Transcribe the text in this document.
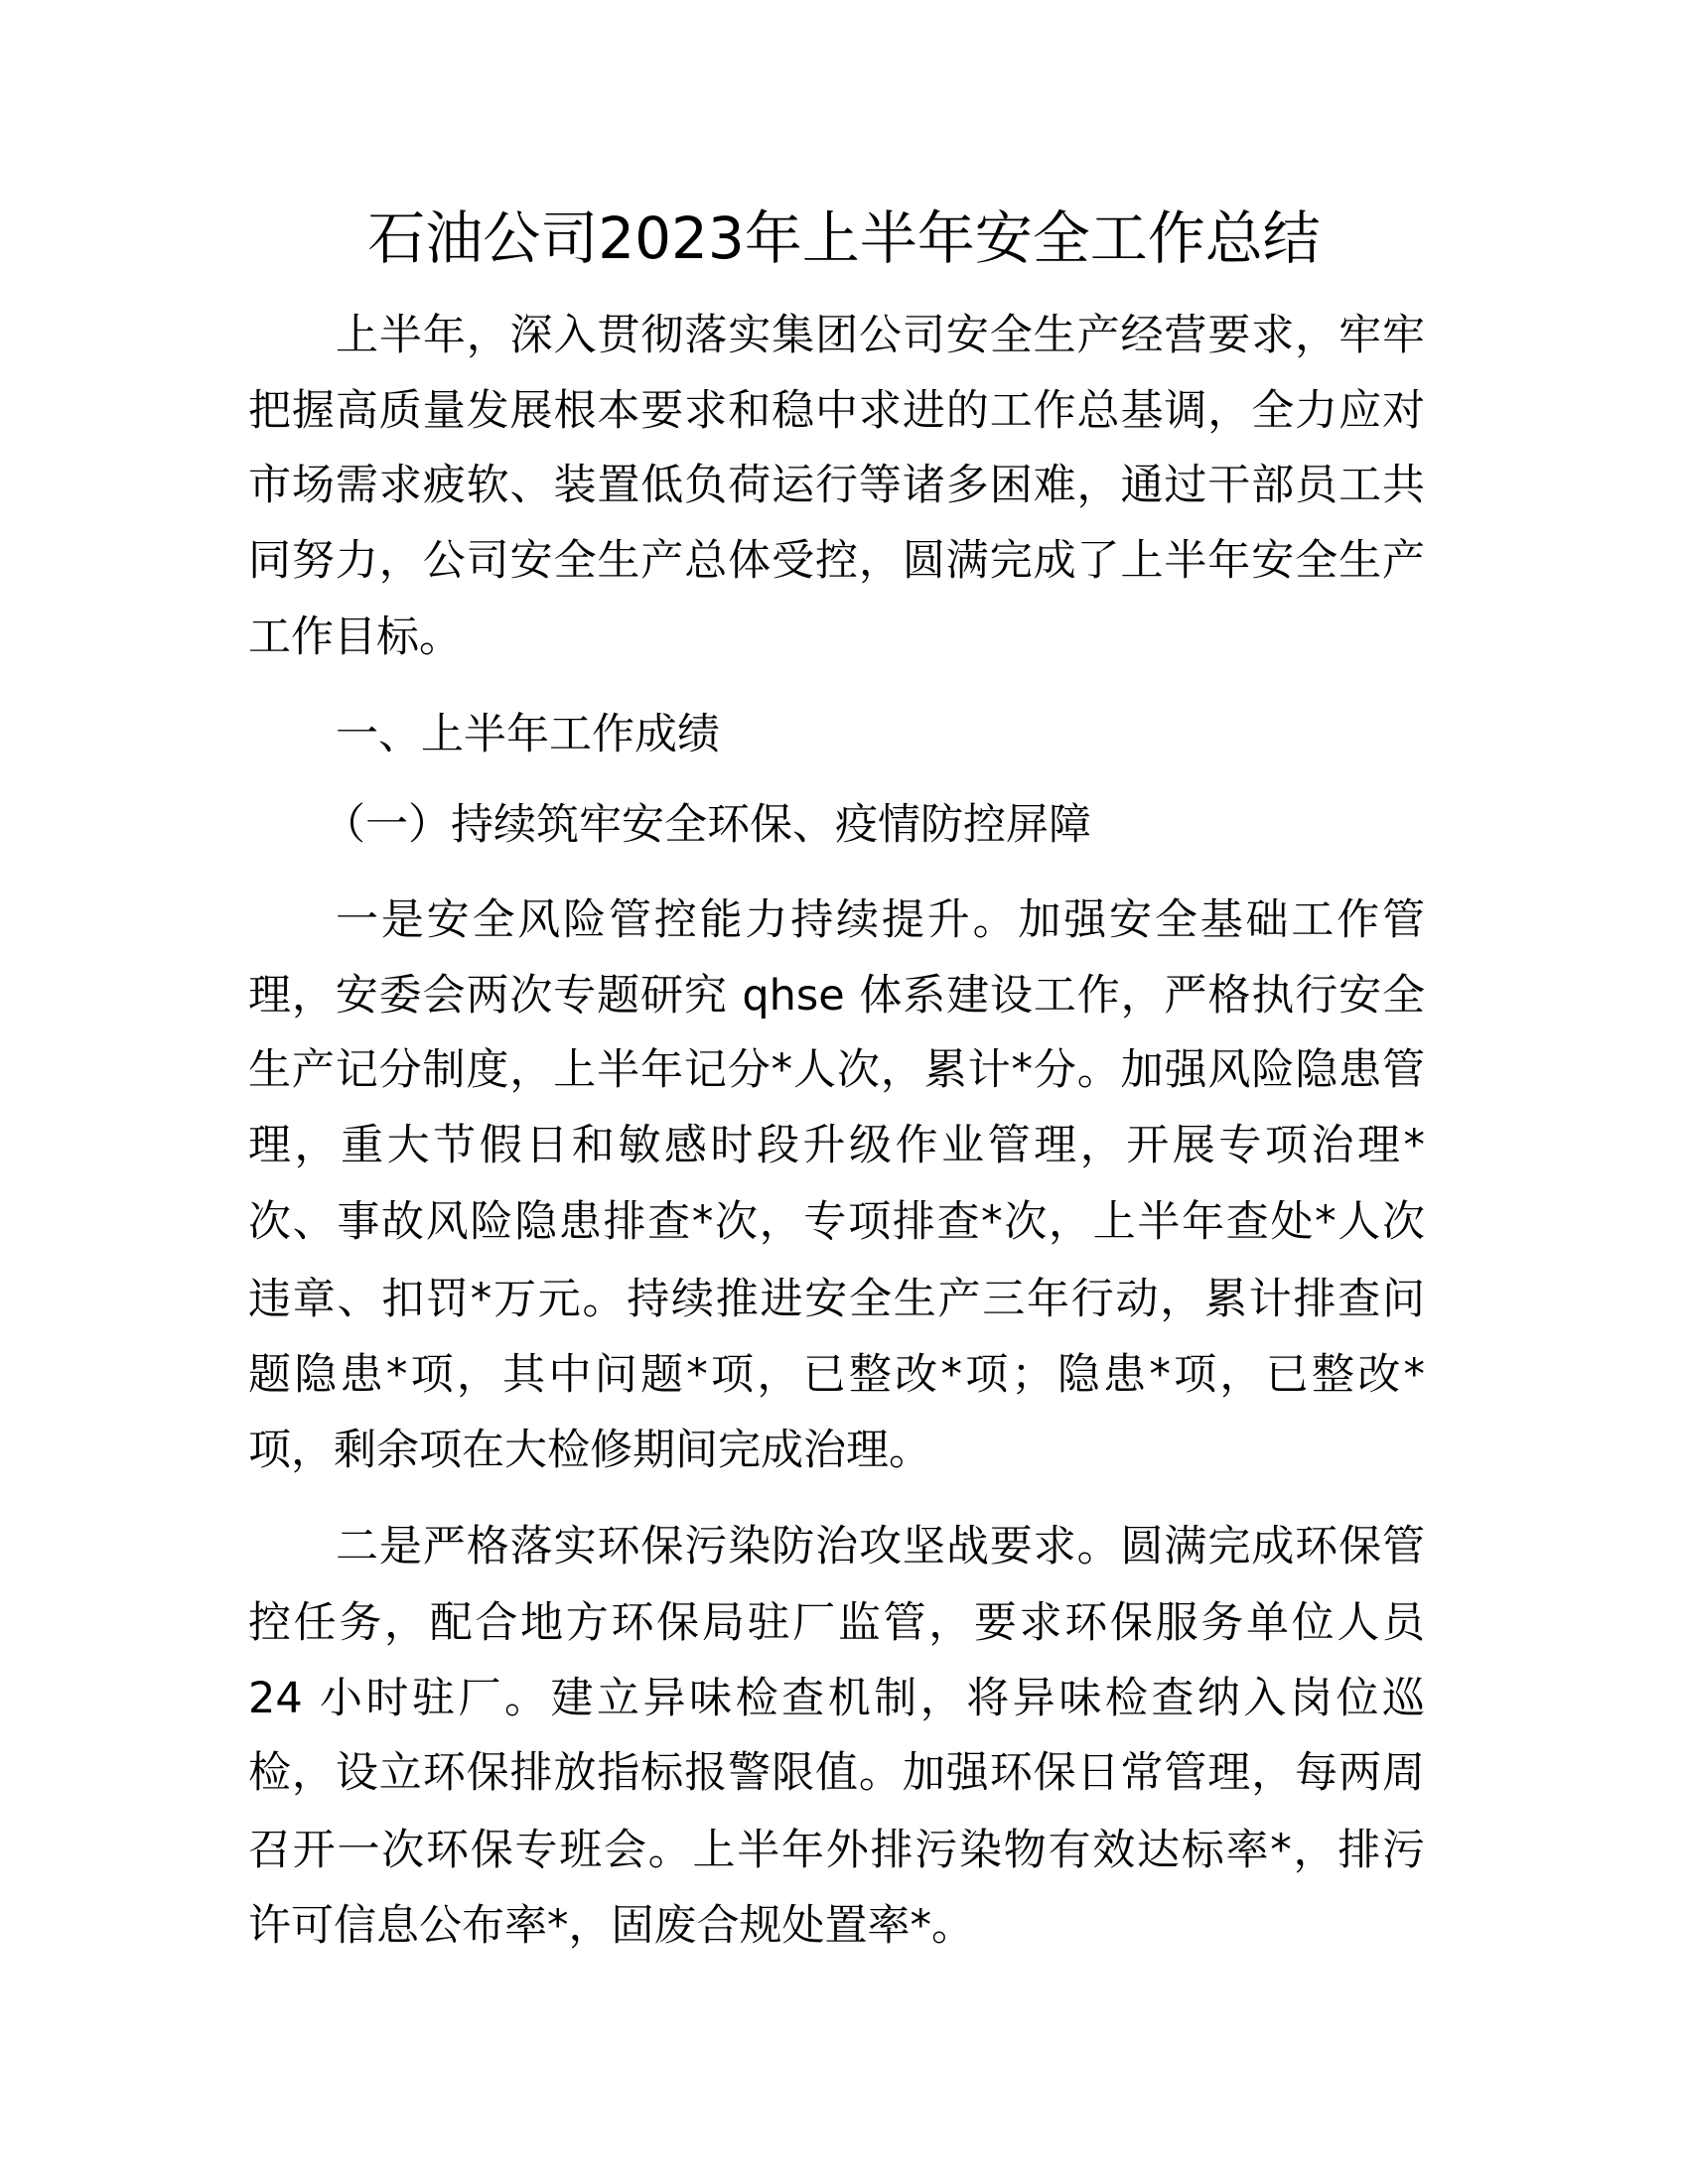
石油公司2023年上半年安全工作总结
上半年，深入贯彻落实集团公司安全生产经营要求，牢牢
把握高质量发展根本要求和稳中求进的工作总基调，全力应对
市场需求疲软、装置低负荷运行等诸多困难，通过干部员工共
同努力，公司安全生产总体受控，圆满完成了上半年安全生产
工作目标。
一、上半年工作成绩
（一）持续筑牢安全环保、疫情防控屏障
一是安全风险管控能力持续提升。加强安全基础工作管
理，安委会两次专题研究 qhse 体系建设工作，严格执行安全
生产记分制度，上半年记分*人次，累计*分。加强风险隐患管
理，重大节假日和敏感时段升级作业管理，开展专项治理*
次、事故风险隐患排查*次，专项排查*次，上半年查处*人次
违章、扣罚*万元。持续推进安全生产三年行动，累计排查问
题隐患*项，其中问题*项，已整改*项；隐患*项，已整改*
项，剩余项在大检修期间完成治理。
二是严格落实环保污染防治攻坚战要求。圆满完成环保管
控任务，配合地方环保局驻厂监管，要求环保服务单位人员
24 小时驻厂。建立异味检查机制，将异味检查纳入岗位巡
检，设立环保排放指标报警限值。加强环保日常管理，每两周
召开一次环保专班会。上半年外排污染物有效达标率*，排污
许可信息公布率*，固废合规处置率*。
